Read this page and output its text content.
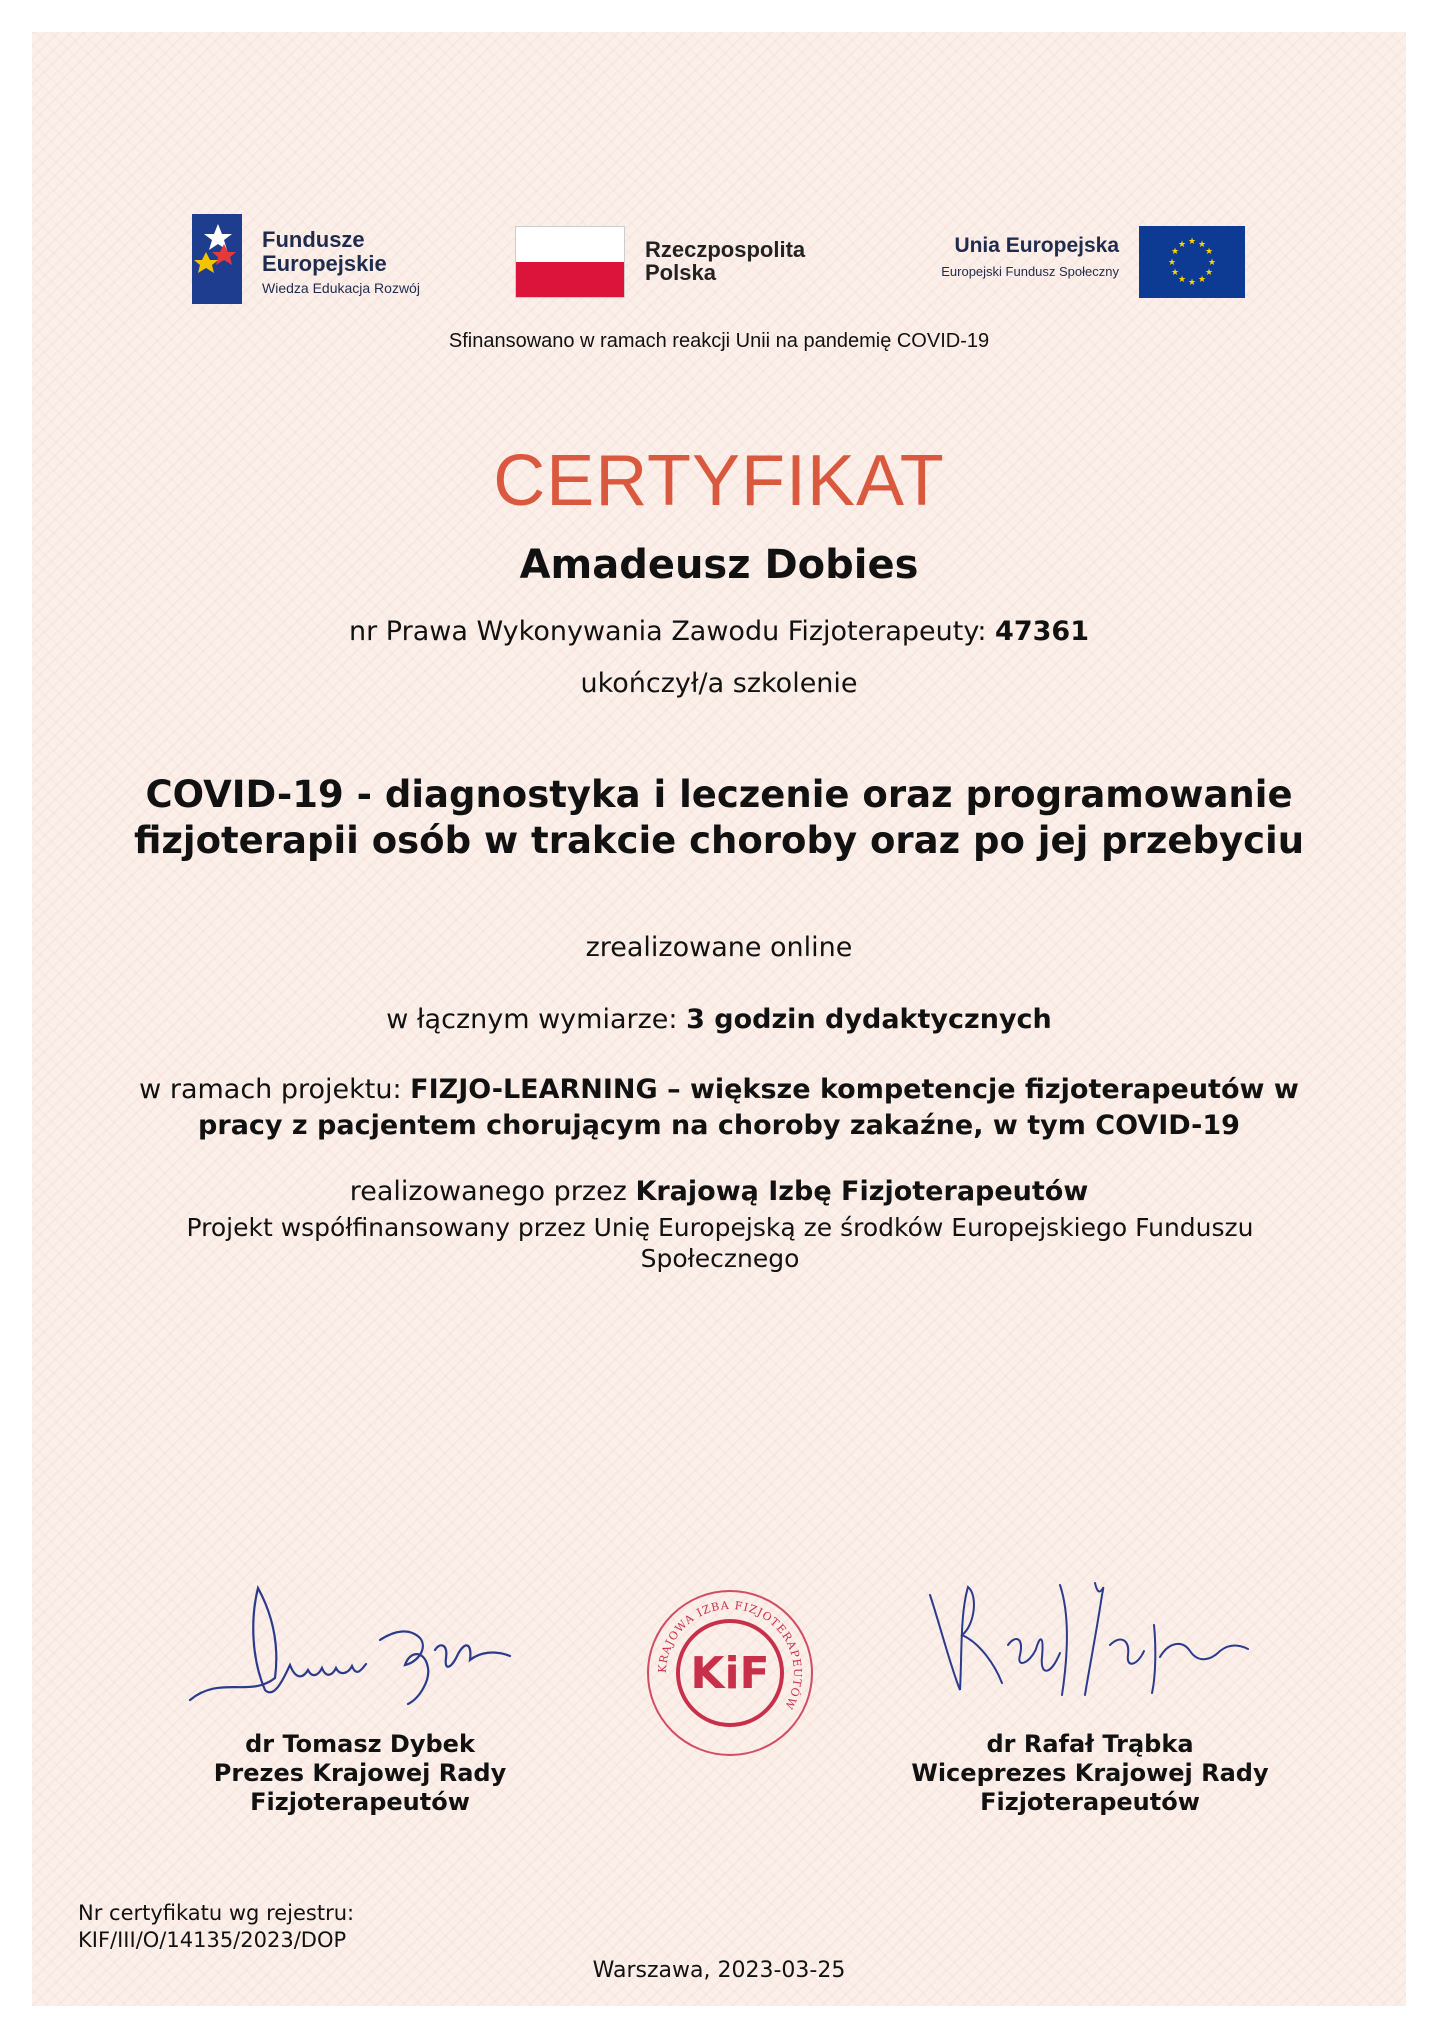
Fundusze
Europejskie
Wiedza Edukacja Rozwój
Rzeczpospolita
Polska
Unia Europejska
Europejski Fundusz Społeczny
★ ★
★
★
★
★
★
★
★
★
★
★
Sfinansowano w ramach reakcji Unii na pandemię COVID-19
CERTYFIKAT
Amadeusz Dobies
nr Prawa Wykonywania Zawodu Fizjoterapeuty: 47361
ukończył/a szkolenie
COVID-19 - diagnostyka i leczenie oraz programowanie
fizjoterapii osób w trakcie choroby oraz po jej przebyciu
zrealizowane online
w łącznym wymiarze: 3 godzin dydaktycznych
w ramach projektu: FIZJO-LEARNING – większe kompetencje fizjoterapeutów w
pracy z pacjentem chorującym na choroby zakaźne, w tym COVID-19
realizowanego przez Krajową Izbę Fizjoterapeutów
Projekt współfinansowany przez Unię Europejską ze środków Europejskiego Funduszu Społecznego
KRAJOWA IZBA FIZJOTERAPEUTÓW
KiF
dr Tomasz Dybek
Prezes Krajowej Rady
Fizjoterapeutów
dr Rafał Trąbka
Wiceprezes Krajowej Rady
Fizjoterapeutów
Nr certyfikatu wg rejestru:
KIF/III/O/14135/2023/DOP
Warszawa, 2023-03-25
